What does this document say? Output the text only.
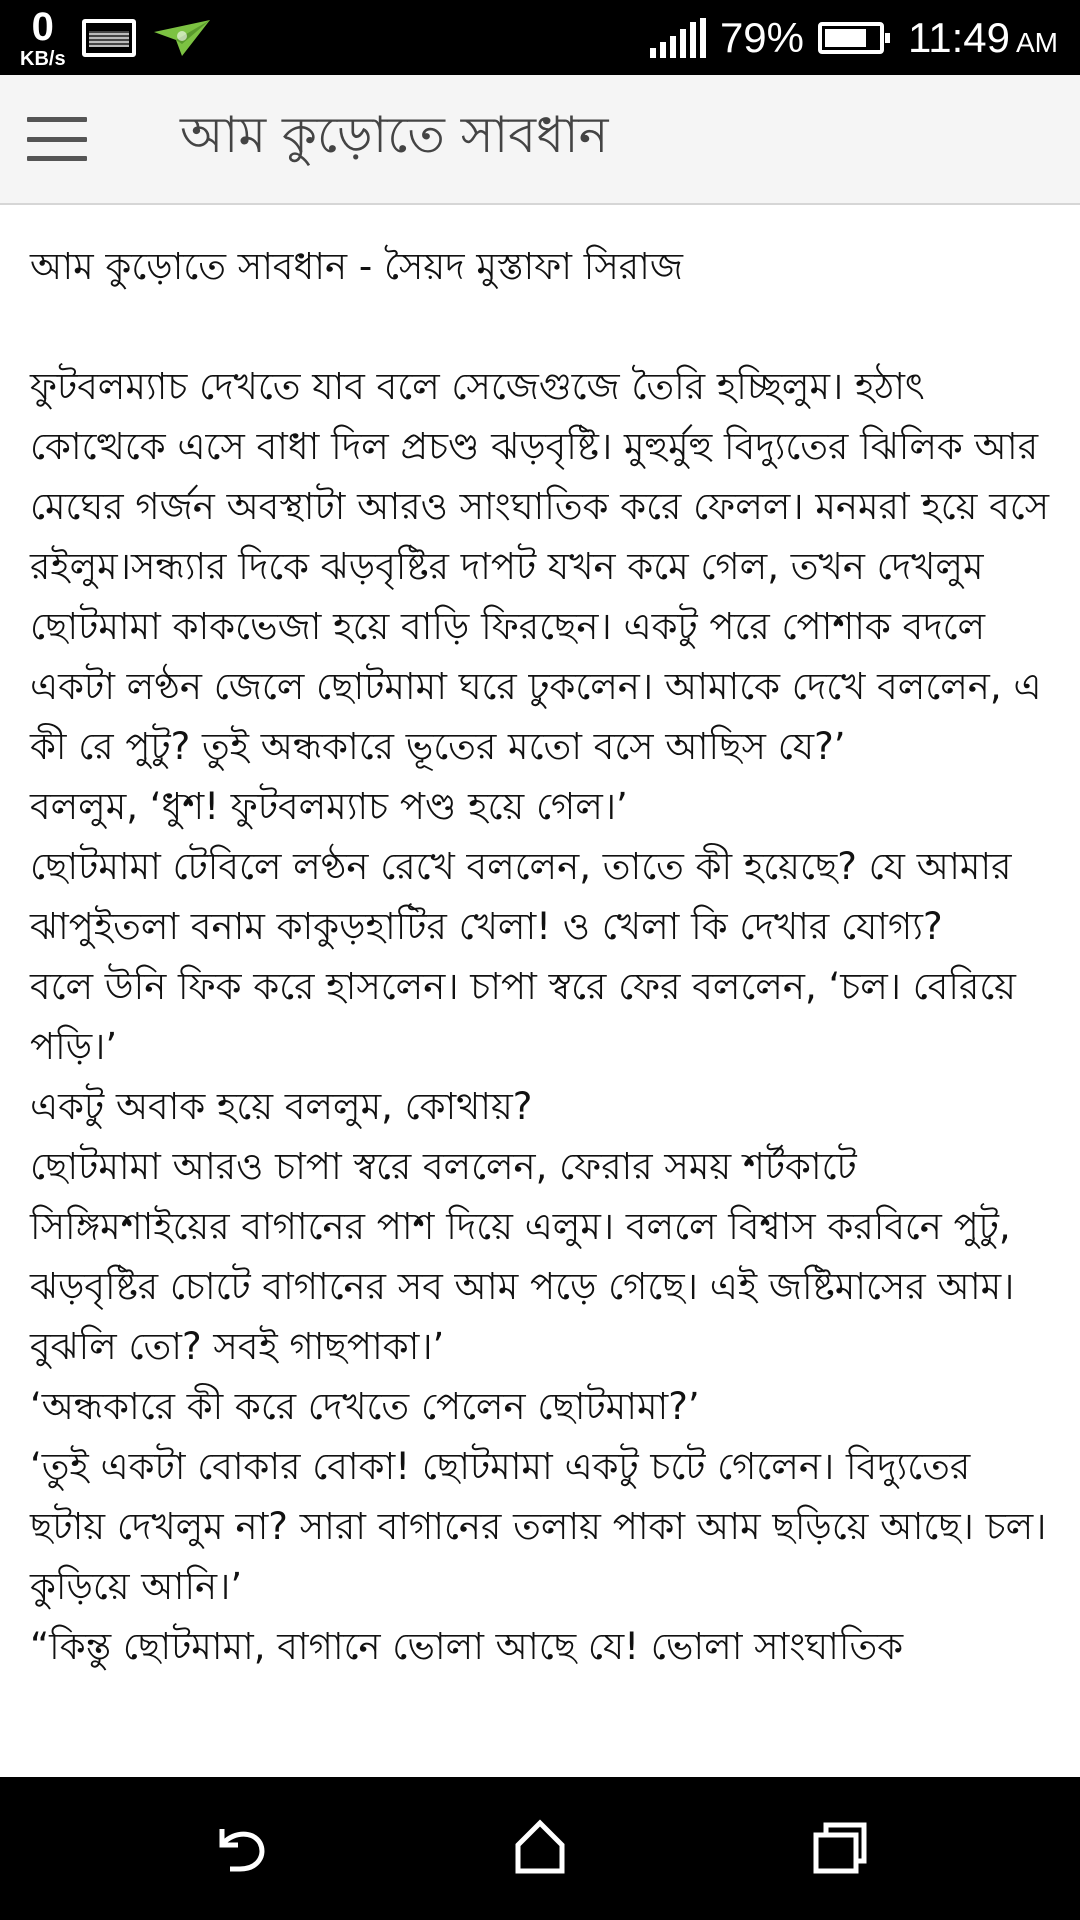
0
KB/s	79% 11:49 AM
আম কুড়োতে সাবধান

আম কুড়োতে সাবধান - সৈয়দ মুস্তাফা সিরাজ

ফুটবলম্যাচ দেখতে যাব বলে সেজেগুজে তৈরি হচ্ছিলুম। হঠাৎ কোত্থেকে এসে বাধা দিল প্রচণ্ড ঝড়বৃষ্টি। মুহুর্মুহু বিদ্যুতের ঝিলিক আর মেঘের গর্জন অবস্থাটা আরও সাংঘাতিক করে ফেলল। মনমরা হয়ে বসে রইলুম।সন্ধ্যার দিকে ঝড়বৃষ্টির দাপট যখন কমে গেল, তখন দেখলুম ছোটমামা কাকভেজা হয়ে বাড়ি ফিরছেন। একটু পরে পোশাক বদলে একটা লণ্ঠন জেলে ছোটমামা ঘরে ঢুকলেন। আমাকে দেখে বললেন, এ কী রে পুটু? তুই অন্ধকারে ভূতের মতো বসে আছিস যে?’

বললুম, ‘ধুশ! ফুটবলম্যাচ পণ্ড হয়ে গেল।’

ছোটমামা টেবিলে লণ্ঠন রেখে বললেন, তাতে কী হয়েছে? যে আমার ঝাপুইতলা বনাম কাকুড়হাটির খেলা! ও খেলা কি দেখার যোগ্য?

বলে উনি ফিক করে হাসলেন। চাপা স্বরে ফের বললেন, ‘চল। বেরিয়ে পড়ি।’

একটু অবাক হয়ে বললুম, কোথায়?

ছোটমামা আরও চাপা স্বরে বললেন, ফেরার সময় শর্টকাটে সিঙ্গিমশাইয়ের বাগানের পাশ দিয়ে এলুম। বললে বিশ্বাস করবিনে পুটু, ঝড়বৃষ্টির চোটে বাগানের সব আম পড়ে গেছে। এই জষ্টিমাসের আম। বুঝলি তো? সবই গাছপাকা।’

‘অন্ধকারে কী করে দেখতে পেলেন ছোটমামা?’

‘তুই একটা বোকার বোকা! ছোটমামা একটু চটে গেলেন। বিদ্যুতের ছটায় দেখলুম না? সারা বাগানের তলায় পাকা আম ছড়িয়ে আছে। চল। কুড়িয়ে আনি।’

“কিন্তু ছোটমামা, বাগানে ভোলা আছে যে! ভোলা সাংঘাতিক
